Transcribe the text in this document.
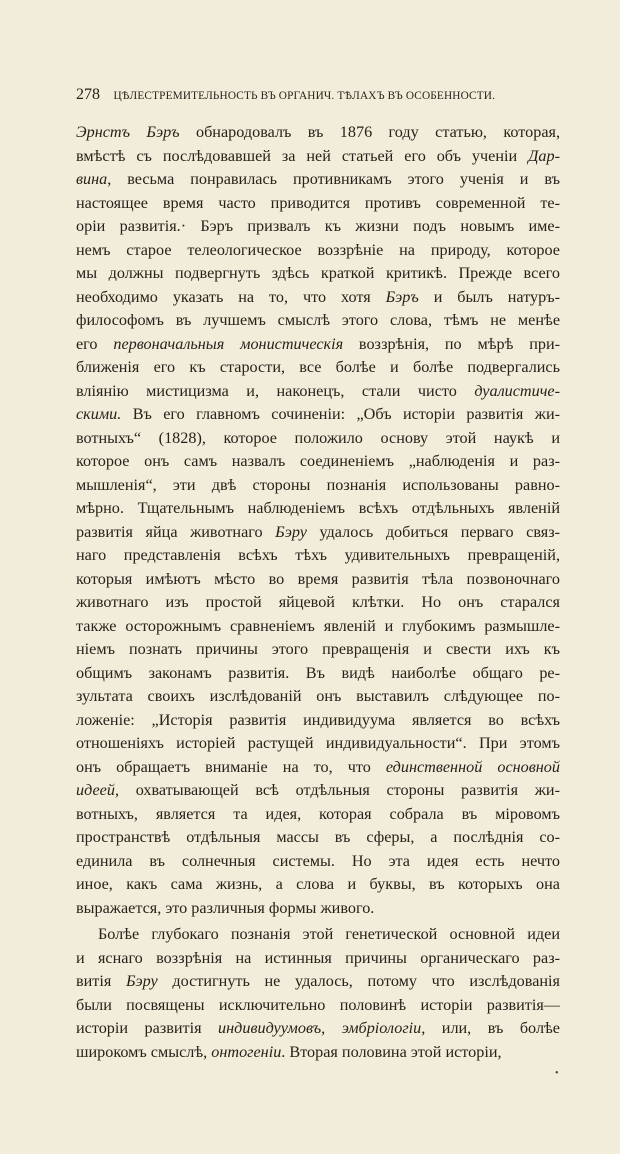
278 ЦѢЛЕСТРЕМИТЕЛЬНОСТЬ ВЪ ОРГАНИЧ. ТѢЛАХЪ ВЪ ОСОБЕННОСТИ.
Эрнстъ Бэръ обнародовалъ въ 1876 году статью, которая,
вмѣстѣ съ послѣдовавшей за ней статьей его объ ученіи Дар-
вина, весьма понравилась противникамъ этого ученія и въ
настоящее время часто приводится противъ современной те-
оріи развитія.· Бэръ призвалъ къ жизни подъ новымъ име-
немъ старое телеологическое воззрѣніе на природу, которое
мы должны подвергнуть здѣсь краткой критикѣ. Прежде всего
необходимо указать на то, что хотя Бэръ и былъ натуръ-
философомъ въ лучшемъ смыслѣ этого слова, тѣмъ не менѣе
его первоначальныя монистическія воззрѣнія, по мѣрѣ при-
ближенія его къ старости, все болѣе и болѣе подвергались
вліянію мистицизма и, наконецъ, стали чисто дуалистиче-
скими. Въ его главномъ сочиненіи: „Объ исторіи развитія жи-
вотныхъ“ (1828), которое положило основу этой наукѣ и
которое онъ самъ назвалъ соединеніемъ „наблюденія и раз-
мышленія“, эти двѣ стороны познанія использованы равно-
мѣрно. Тщательнымъ наблюденіемъ всѣхъ отдѣльныхъ явленій
развитія яйца животнаго Бэру удалось добиться перваго связ-
наго представленія всѣхъ тѣхъ удивительныхъ превращеній,
которыя имѣютъ мѣсто во время развитія тѣла позвоночнаго
животнаго изъ простой яйцевой клѣтки. Но онъ старался
также осторожнымъ сравненіемъ явленій и глубокимъ размышле-
ніемъ познать причины этого превращенія и свести ихъ къ
общимъ законамъ развитія. Въ видѣ наиболѣе общаго ре-
зультата своихъ изслѣдованій онъ выставилъ слѣдующее по-
ложеніе: „Исторія развитія индивидуума является во всѣхъ
отношеніяхъ исторіей растущей индивидуальности“. При этомъ
онъ обращаетъ вниманіе на то, что единственной основной
идеей, охватывающей всѣ отдѣльныя стороны развитія жи-
вотныхъ, является та идея, которая собрала въ міровомъ
пространствѣ отдѣльныя массы въ сферы, а послѣднія со-
единила въ солнечныя системы. Но эта идея есть нечто
иное, какъ сама жизнь, а слова и буквы, въ которыхъ она
выражается, это различныя формы живого.
Болѣе глубокаго познанія этой генетической основной идеи
и яснаго воззрѣнія на истинныя причины органическаго раз-
витія Бэру достигнуть не удалось, потому что изслѣдованія
были посвящены исключительно половинѣ исторіи развитія—
исторіи развитія индивидуумовъ, эмбріологіи, или, въ болѣе
широкомъ смыслѣ, онтогеніи. Вторая половина этой исторіи,
•
